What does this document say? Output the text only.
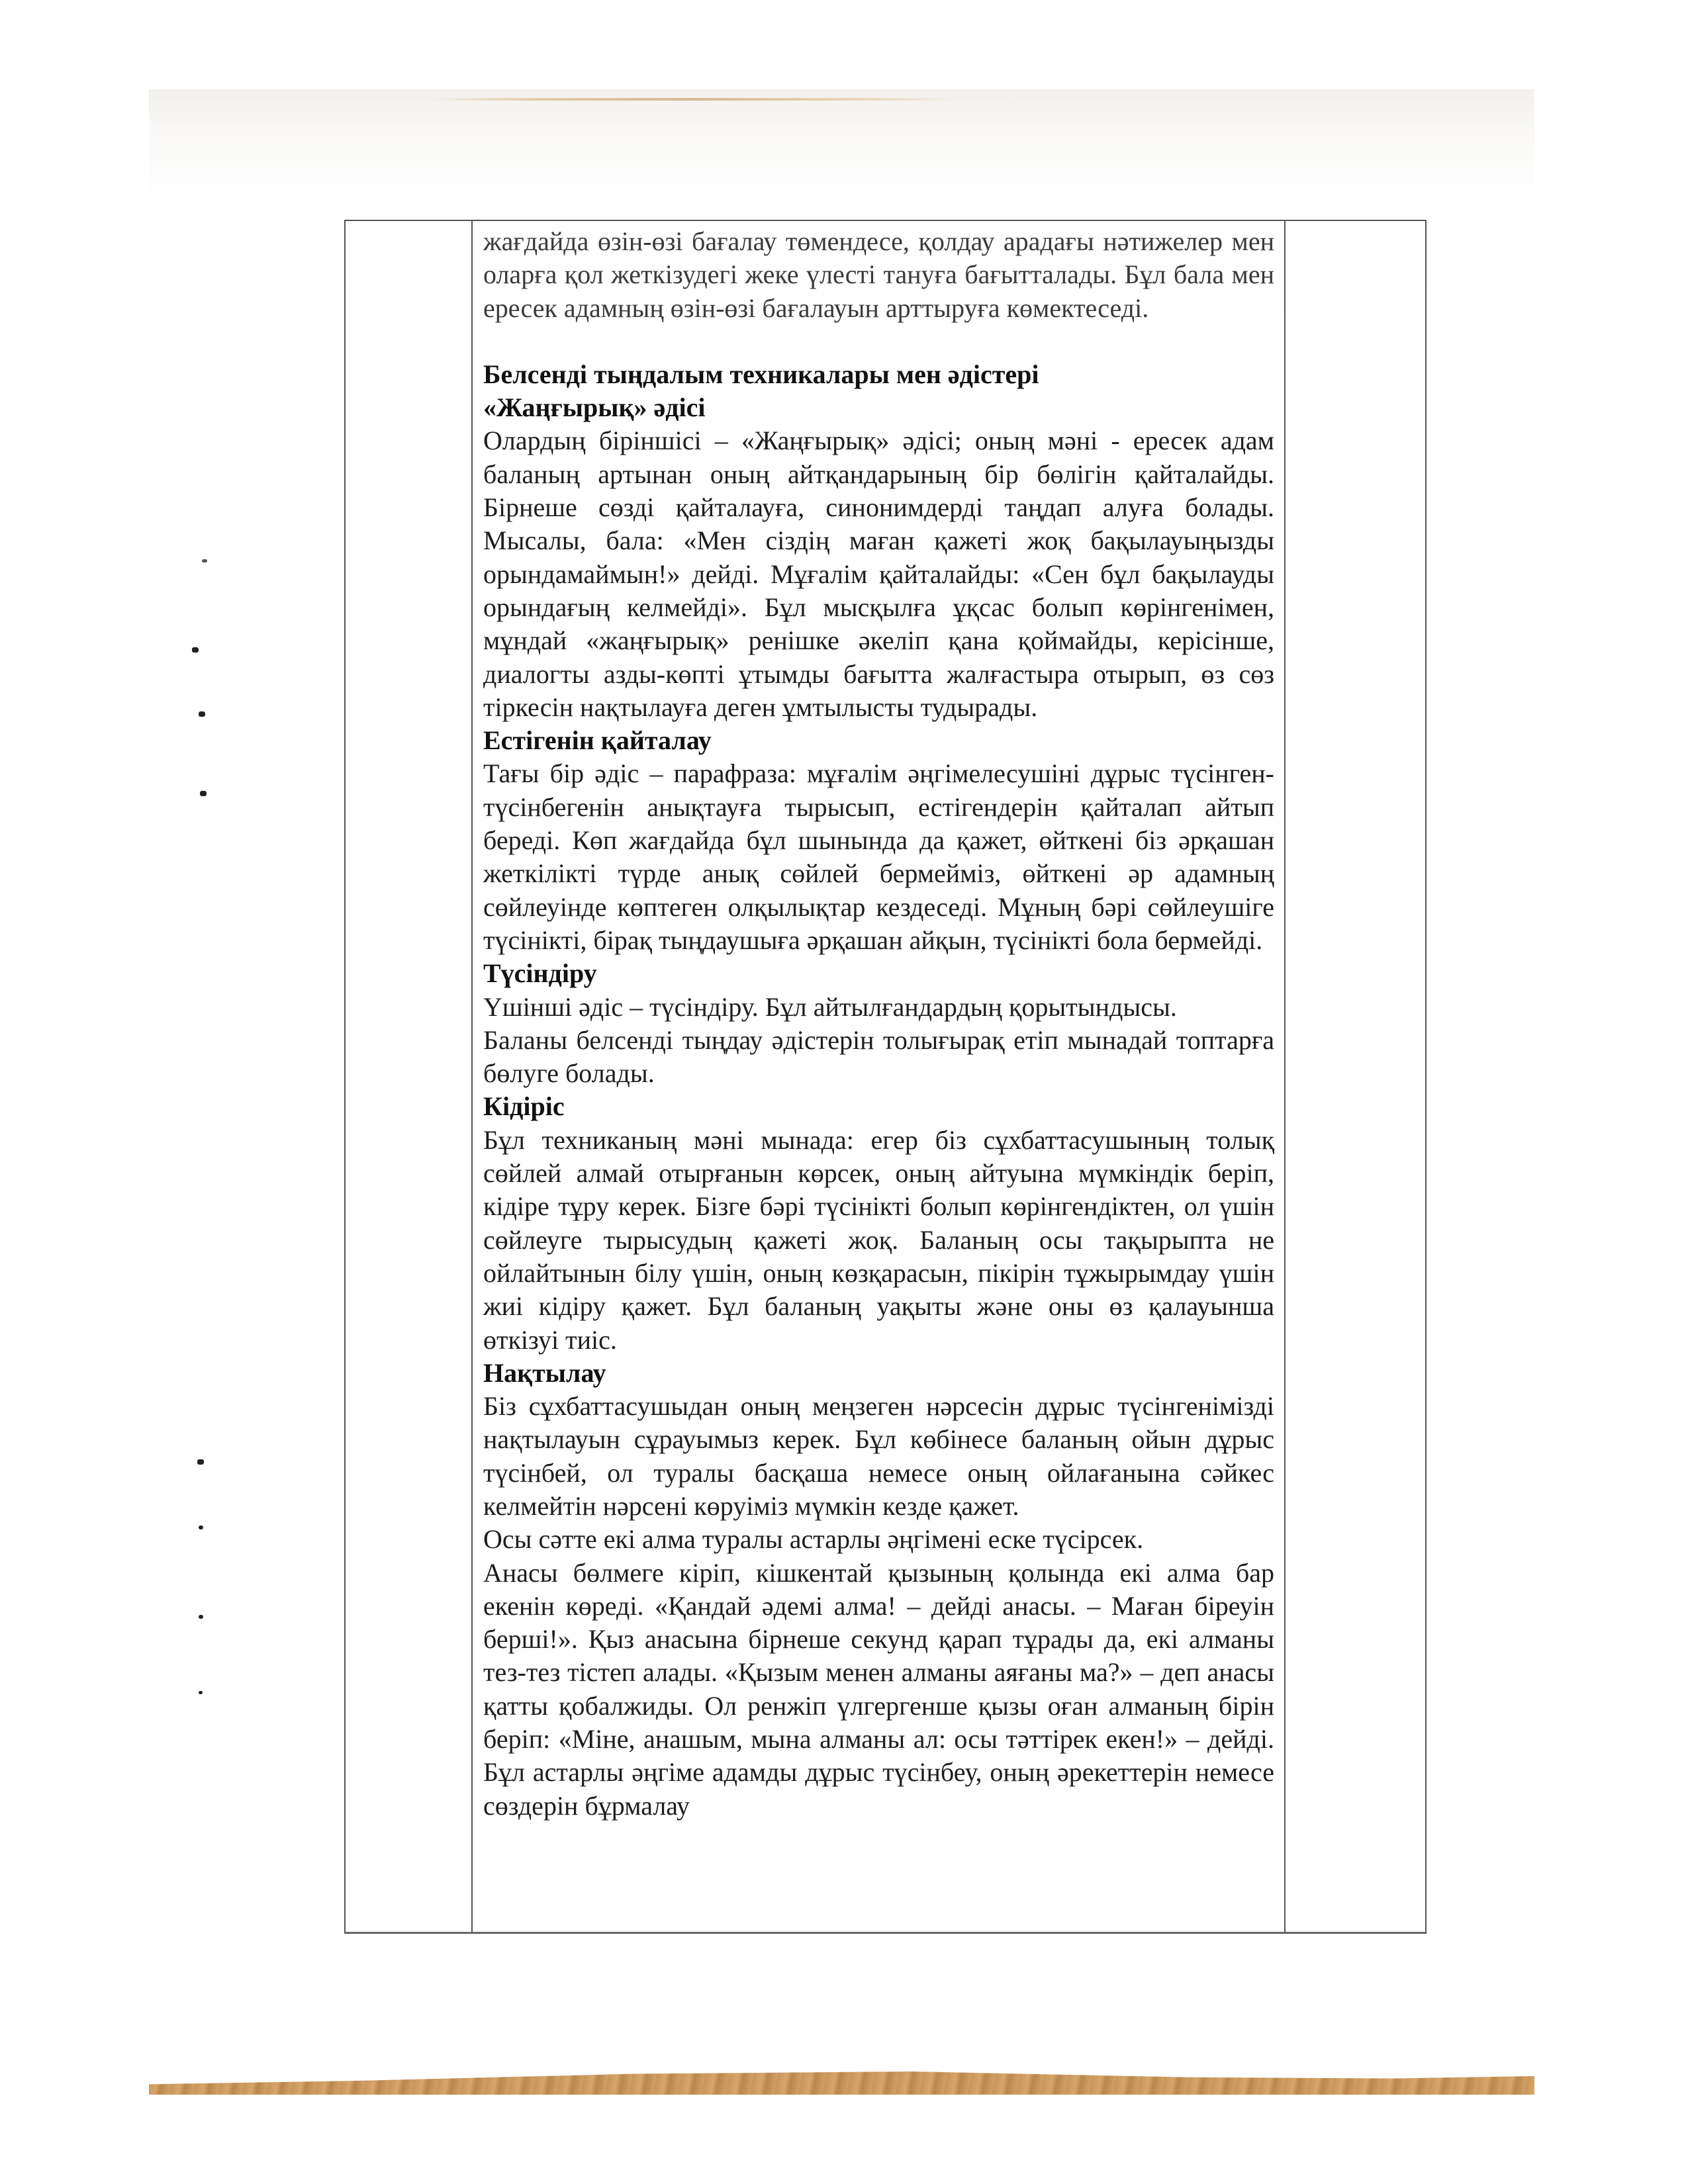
жағдайда өзін-өзі бағалау төмендесе, қолдау арадағы нәтижелер мен оларға қол жеткізудегі жеке үлесті тануға бағытталады. Бұл бала мен ересек адамның өзін-өзі бағалауын арттыруға көмектеседі.

Белсенді тыңдалым техникалары мен әдістері

«Жаңғырық» әдісі

Олардың біріншісі – «Жаңғырық» әдісі; оның мәні - ересек адам баланың артынан оның айтқандарының бір бөлігін қайталайды. Бірнеше сөзді қайталауға, синонимдерді таңдап алуға болады. Мысалы, бала: «Мен сіздің маған қажеті жоқ бақылауыңызды орындамаймын!» дейді. Мұғалім қайталайды: «Сен бұл бақылауды орындағың келмейді». Бұл мысқылға ұқсас болып көрінгенімен, мұндай «жаңғырық» ренішке әкеліп қана қоймайды, керісінше, диалогты азды-көпті ұтымды бағытта жалғастыра отырып, өз сөз тіркесін нақтылауға деген ұмтылысты тудырады.

Естігенін қайталау

Тағы бір әдіс – парафраза: мұғалім әңгімелесушіні дұрыс түсінген-түсінбегенін анықтауға тырысып, естігендерін қайталап айтып береді. Көп жағдайда бұл шынында да қажет, өйткені біз әрқашан жеткілікті түрде анық сөйлей бермейміз, өйткені әр адамның сөйлеуінде көптеген олқылықтар кездеседі. Мұның бәрі сөйлеушіге түсінікті, бірақ тыңдаушыға әрқашан айқын, түсінікті бола бермейді.

Түсіндіру

Үшінші әдіс – түсіндіру. Бұл айтылғандардың қорытындысы.

Баланы белсенді тыңдау әдістерін толығырақ етіп мынадай топтарға бөлуге болады.

Кідіріс

Бұл техниканың мәні мынада: егер біз сұхбаттасушының толық сөйлей алмай отырғанын көрсек, оның айтуына мүмкіндік беріп, кідіре тұру керек. Бізге бәрі түсінікті болып көрінгендіктен, ол үшін сөйлеуге тырысудың қажеті жоқ. Баланың осы тақырыпта не ойлайтынын білу үшін, оның көзқарасын, пікірін тұжырымдау үшін жиі кідіру қажет. Бұл баланың уақыты және оны өз қалауынша өткізуі тиіс.

Нақтылау

Біз сұхбаттасушыдан оның меңзеген нәрсесін дұрыс түсінгенімізді нақтылауын сұрауымыз керек. Бұл көбінесе баланың ойын дұрыс түсінбей, ол туралы басқаша немесе оның ойлағанына сәйкес келмейтін нәрсені көруіміз мүмкін кезде қажет.

Осы сәтте екі алма туралы астарлы әңгімені еске түсірсек.

Анасы бөлмеге кіріп, кішкентай қызының қолында екі алма бар екенін көреді. «Қандай әдемі алма! – дейді анасы. – Маған біреуін берші!». Қыз анасына бірнеше секунд қарап тұрады да, екі алманы тез-тез тістеп алады. «Қызым менен алманы аяғаны ма?» – деп анасы қатты қобалжиды. Ол ренжіп үлгергенше қызы оған алманың бірін беріп: «Міне, анашым, мына алманы ал: осы тәттірек екен!» – дейді. Бұл астарлы әңгіме адамды дұрыс түсінбеу, оның әрекеттерін немесе сөздерін бұрмалау
